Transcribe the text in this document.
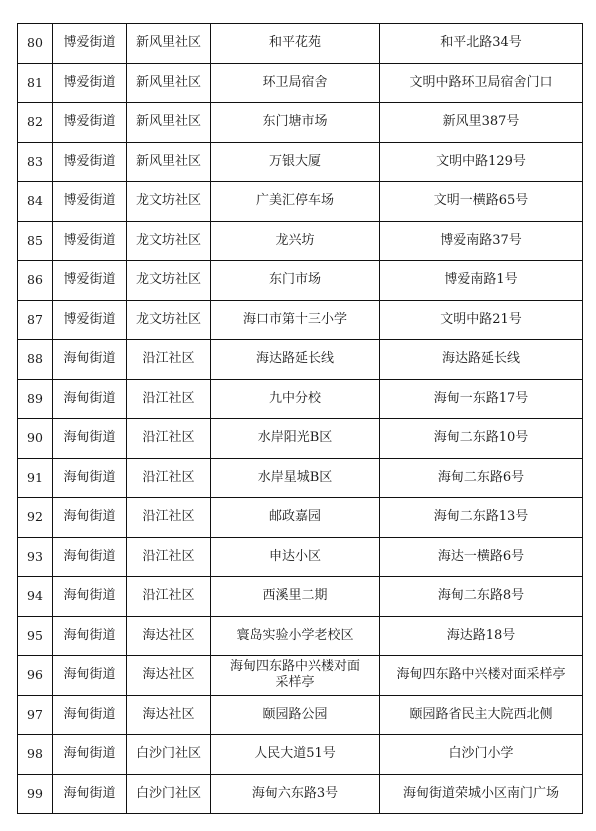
80	博爱街道	新风里社区	和平花苑	和平北路34号
81	博爱街道	新风里社区	环卫局宿舍	文明中路环卫局宿舍门口
82	博爱街道	新风里社区	东门塘市场	新风里387号
83	博爱街道	新风里社区	万银大厦	文明中路129号
84	博爱街道	龙文坊社区	广美汇停车场	文明一横路65号
85	博爱街道	龙文坊社区	龙兴坊	博爱南路37号
86	博爱街道	龙文坊社区	东门市场	博爱南路1号
87	博爱街道	龙文坊社区	海口市第十三小学	文明中路21号
88	海甸街道	沿江社区	海达路延长线	海达路延长线
89	海甸街道	沿江社区	九中分校	海甸一东路17号
90	海甸街道	沿江社区	水岸阳光B区	海甸二东路10号
91	海甸街道	沿江社区	水岸星城B区	海甸二东路6号
92	海甸街道	沿江社区	邮政嘉园	海甸二东路13号
93	海甸街道	沿江社区	申达小区	海达一横路6号
94	海甸街道	沿江社区	西溪里二期	海甸二东路8号
95	海甸街道	海达社区	寰岛实验小学老校区	海达路18号
96	海甸街道	海达社区	海甸四东路中兴楼对面采样亭	海甸四东路中兴楼对面采样亭
97	海甸街道	海达社区	颐园路公园	颐园路省民主大院西北侧
98	海甸街道	白沙门社区	人民大道51号	白沙门小学
99	海甸街道	白沙门社区	海甸六东路3号	海甸街道荣城小区南门广场
